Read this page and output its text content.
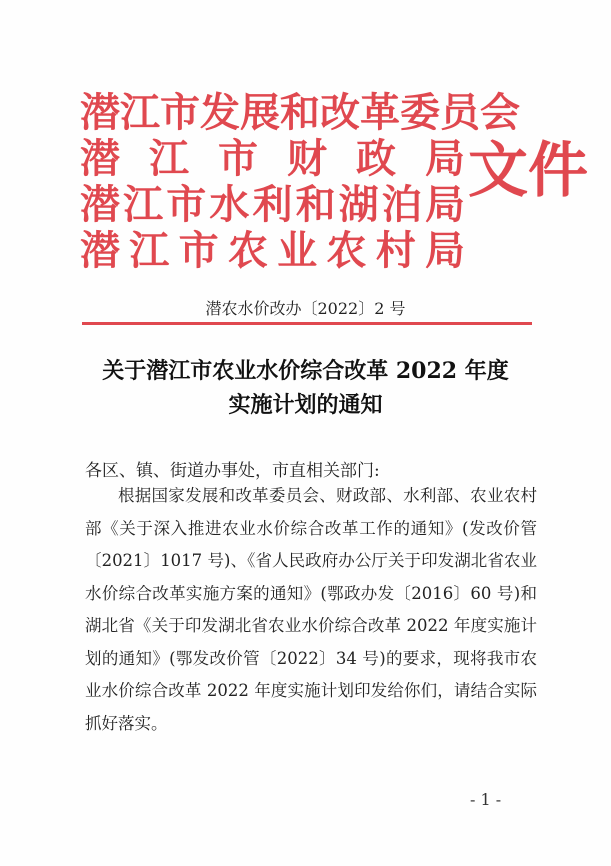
潜 江 市 发 展 和 改 革 委 员 会
潜 江 市 财 政 局
潜 江 市 水 利 和 湖 泊 局
潜 江 市 农 业 农 村 局
文件
潜农水价改办〔2022〕2 号
关于潜江市农业水价综合改革 2022 年度
实施计划的通知
各区、镇、街道办事处，市直相关部门:
根据国家发展和改革委员会、财政部、水利部、农业农村部《关于深入推进农业水价综合改革工作的通知》(发改价管〔2021〕1017 号)、《省人民政府办公厅关于印发湖北省农业水价综合改革实施方案的通知》(鄂政办发〔2016〕60 号)和湖北省《关于印发湖北省农业水价综合改革 2022 年度实施计划的通知》(鄂发改价管〔2022〕34 号)的要求，现将我市农业水价综合改革 2022 年度实施计划印发给你们，请结合实际抓好落实。
- 1 -
